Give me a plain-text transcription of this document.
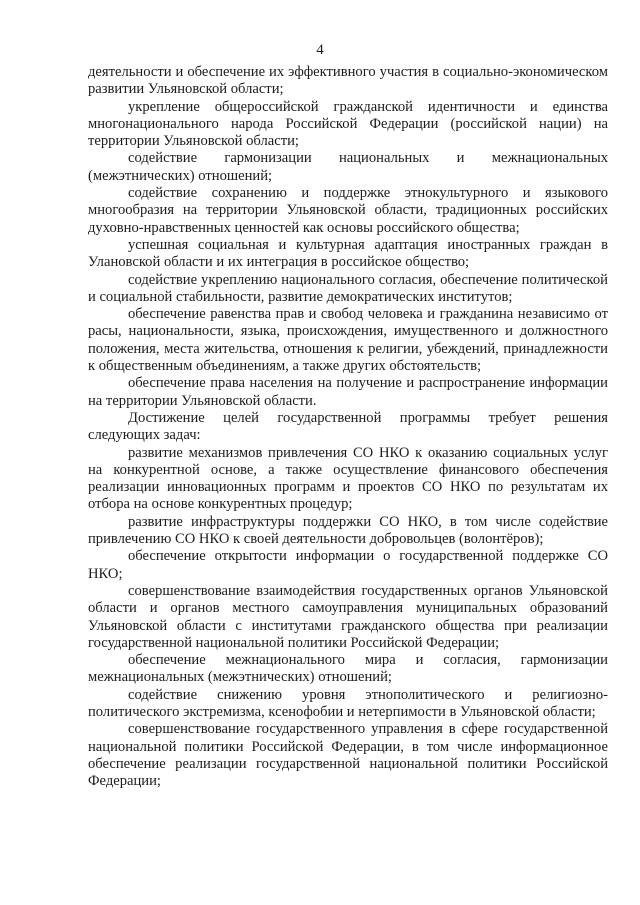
4

деятельности и обеспечение их эффективного участия в социально-экономическом развитии Ульяновской области;

укрепление общероссийской гражданской идентичности и единства многонационального народа Российской Федерации (российской нации) на территории Ульяновской области;

содействие гармонизации национальных и межнациональных (межэтнических) отношений;

содействие сохранению и поддержке этнокультурного и языкового многообразия на территории Ульяновской области, традиционных российских духовно-нравственных ценностей как основы российского общества;

успешная социальная и культурная адаптация иностранных граждан в Улановской области и их интеграция в российское общество;

содействие укреплению национального согласия, обеспечение политической и социальной стабильности, развитие демократических институтов;

обеспечение равенства прав и свобод человека и гражданина независимо от расы, национальности, языка, происхождения, имущественного и должностного положения, места жительства, отношения к религии, убеждений, принадлежности к общественным объединениям, а также других обстоятельств;

обеспечение права населения на получение и распространение информации на территории Ульяновской области.

Достижение целей государственной программы требует решения следующих задач:

развитие механизмов привлечения СО НКО к оказанию социальных услуг на конкурентной основе, а также осуществление финансового обеспечения реализации инновационных программ и проектов СО НКО по результатам их отбора на основе конкурентных процедур;

развитие инфраструктуры поддержки СО НКО, в том числе содействие привлечению СО НКО к своей деятельности добровольцев (волонтёров);

обеспечение открытости информации о государственной поддержке СО НКО;

совершенствование взаимодействия государственных органов Ульяновской области и органов местного самоуправления муниципальных образований Ульяновской области с институтами гражданского общества при реализации государственной национальной политики Российской Федерации;

обеспечение межнационального мира и согласия, гармонизации межнациональных (межэтнических) отношений;

содействие снижению уровня этнополитического и религиозно-политического экстремизма, ксенофобии и нетерпимости в Ульяновской области;

совершенствование государственного управления в сфере государственной национальной политики Российской Федерации, в том числе информационное обеспечение реализации государственной национальной политики Российской Федерации;
